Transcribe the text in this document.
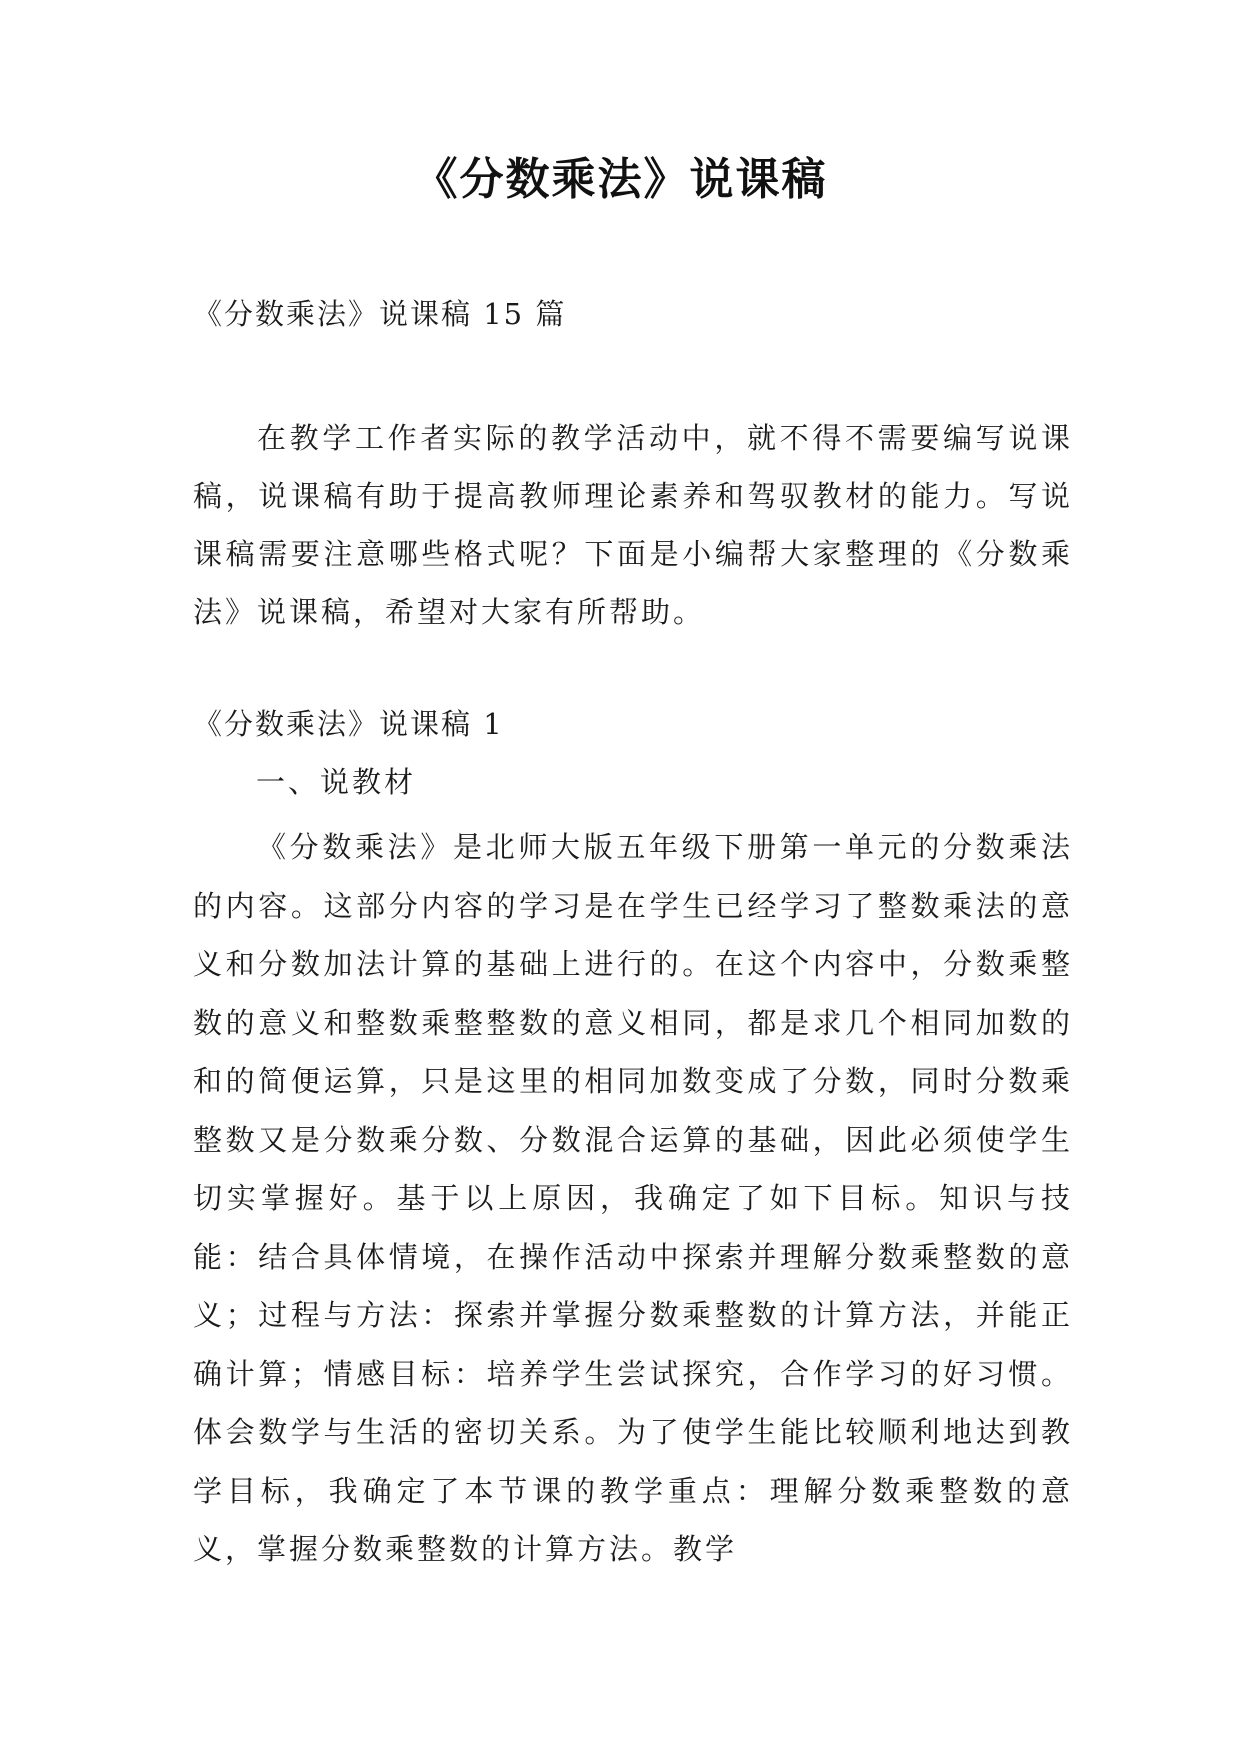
《分数乘法》说课稿
《分数乘法》说课稿 15 篇

在教学工作者实际的教学活动中，就不得不需要编写说课稿，说课稿有助于提高教师理论素养和驾驭教材的能力。写说课稿需要注意哪些格式呢？下面是小编帮大家整理的《分数乘法》说课稿，希望对大家有所帮助。

《分数乘法》说课稿 1
一、说教材

《分数乘法》是北师大版五年级下册第一单元的分数乘法的内容。这部分内容的学习是在学生已经学习了整数乘法的意义和分数加法计算的基础上进行的。在这个内容中，分数乘整数的意义和整数乘整整数的意义相同，都是求几个相同加数的和的简便运算，只是这里的相同加数变成了分数，同时分数乘整数又是分数乘分数、分数混合运算的基础，因此必须使学生切实掌握好。基于以上原因，我确定了如下目标。知识与技能：结合具体情境，在操作活动中探索并理解分数乘整数的意义；过程与方法：探索并掌握分数乘整数的计算方法，并能正确计算；情感目标：培养学生尝试探究，合作学习的好习惯。体会数学与生活的密切关系。为了使学生能比较顺利地达到教学目标，我确定了本节课的教学重点：理解分数乘整数的意义，掌握分数乘整数的计算方法。教学
